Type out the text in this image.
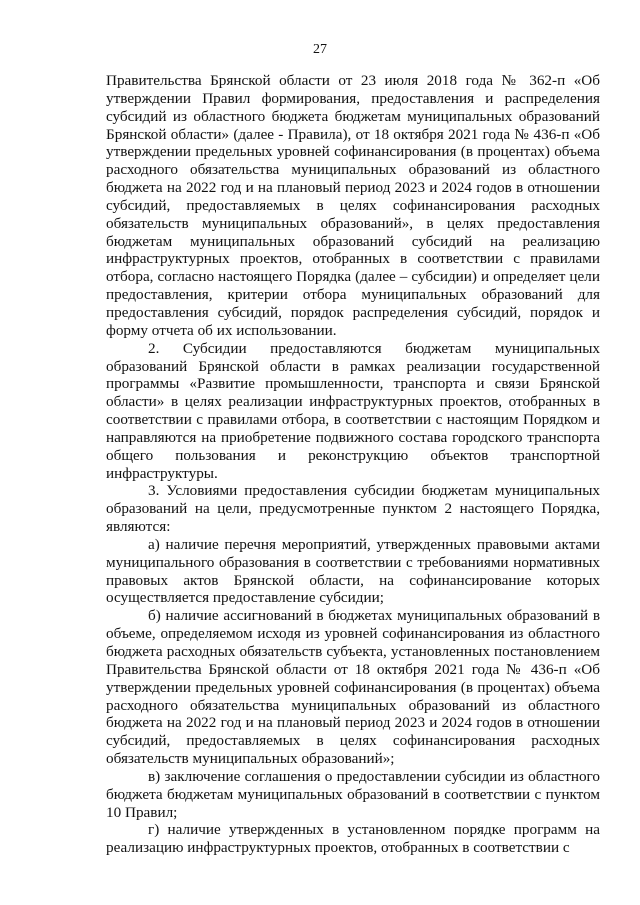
27

Правительства Брянской области от 23 июля 2018 года № 362-п «Об утверждении Правил формирования, предоставления и распределения субсидий из областного бюджета бюджетам муниципальных образований Брянской области» (далее - Правила), от 18 октября 2021 года № 436-п «Об утверждении предельных уровней софинансирования (в процентах) объема расходного обязательства муниципальных образований из областного бюджета на 2022 год и на плановый период 2023 и 2024 годов в отношении субсидий, предоставляемых в целях софинансирования расходных обязательств муниципальных образований», в целях предоставления бюджетам муниципальных образований субсидий на реализацию инфраструктурных проектов, отобранных в соответствии с правилами отбора, согласно настоящего Порядка (далее – субсидии) и определяет цели предоставления, критерии отбора муниципальных образований для предоставления субсидий, порядок распределения субсидий, порядок и форму отчета об их использовании.

2. Субсидии предоставляются бюджетам муниципальных образований Брянской области в рамках реализации государственной программы «Развитие промышленности, транспорта и связи Брянской области» в целях реализации инфраструктурных проектов, отобранных в соответствии с правилами отбора, в соответствии с настоящим Порядком и направляются на приобретение подвижного состава городского транспорта общего пользования и реконструкцию объектов транспортной инфраструктуры.

3. Условиями предоставления субсидии бюджетам муниципальных образований на цели, предусмотренные пунктом 2 настоящего Порядка, являются:

а) наличие перечня мероприятий, утвержденных правовыми актами муниципального образования в соответствии с требованиями нормативных правовых актов Брянской области, на софинансирование которых осуществляется предоставление субсидии;

б) наличие ассигнований в бюджетах муниципальных образований в объеме, определяемом исходя из уровней софинансирования из областного бюджета расходных обязательств субъекта, установленных постановлением Правительства Брянской области от 18 октября 2021 года № 436-п «Об утверждении предельных уровней софинансирования (в процентах) объема расходного обязательства муниципальных образований из областного бюджета на 2022 год и на плановый период 2023 и 2024 годов в отношении субсидий, предоставляемых в целях софинансирования расходных обязательств муниципальных образований»;

в) заключение соглашения о предоставлении субсидии из областного бюджета бюджетам муниципальных образований в соответствии с пунктом 10 Правил;

г) наличие утвержденных в установленном порядке программ на реализацию инфраструктурных проектов, отобранных в соответствии с
